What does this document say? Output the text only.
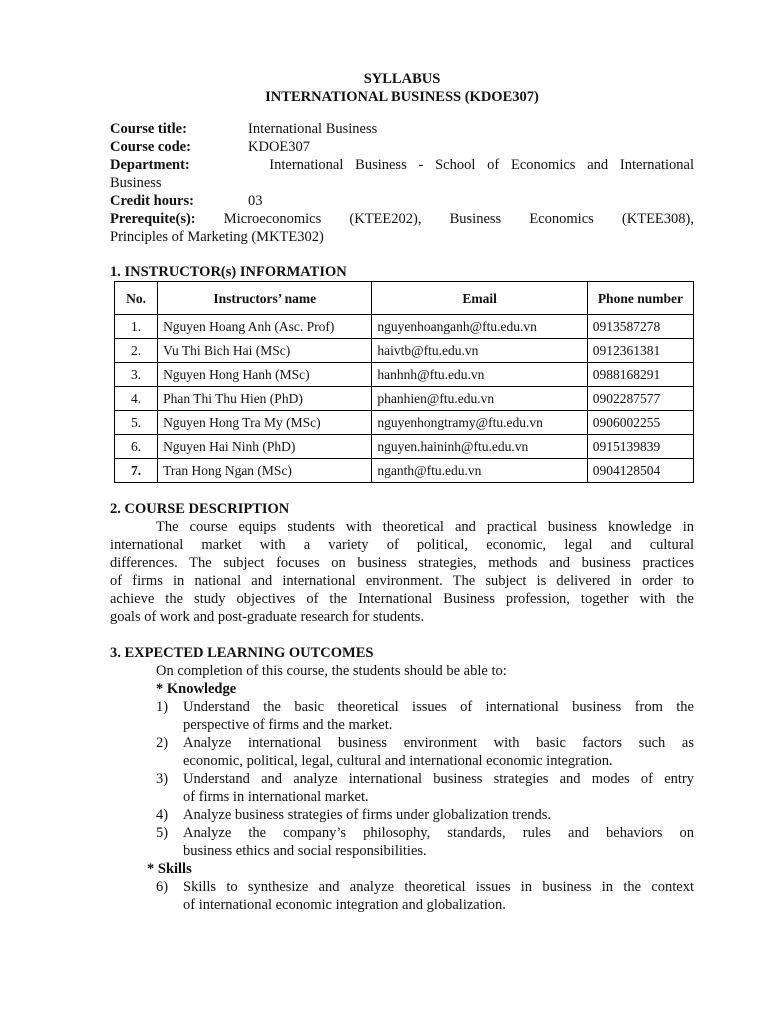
SYLLABUS
INTERNATIONAL BUSINESS (KDOE307)
Course title:	International Business
Course code:	KDOE307
Department:	International Business - School of Economics and International
Business
Credit hours:	03
Prerequite(s): Microeconomics (KTEE202), Business Economics (KTEE308),
Principles of Marketing (MKTE302)
1. INSTRUCTOR(s) INFORMATION
No.	Instructors’ name	Email	Phone number
1.	Nguyen Hoang Anh (Asc. Prof)	nguyenhoanganh@ftu.edu.vn	0913587278
2.	Vu Thi Bich Hai (MSc)	haivtb@ftu.edu.vn	0912361381
3.	Nguyen Hong Hanh (MSc)	hanhnh@ftu.edu.vn	0988168291
4.	Phan Thi Thu Hien (PhD)	phanhien@ftu.edu.vn	0902287577
5.	Nguyen Hong Tra My (MSc)	nguyenhongtramy@ftu.edu.vn	0906002255
6.	Nguyen Hai Ninh (PhD)	nguyen.haininh@ftu.edu.vn	0915139839
7.	Tran Hong Ngan (MSc)	nganth@ftu.edu.vn	0904128504
2. COURSE DESCRIPTION
The course equips students with theoretical and practical business knowledge in
international market with a variety of political, economic, legal and cultural
differences. The subject focuses on business strategies, methods and business practices
of firms in national and international environment. The subject is delivered in order to
achieve the study objectives of the International Business profession, together with the
goals of work and post-graduate research for students.
3. EXPECTED LEARNING OUTCOMES
On completion of this course, the students should be able to:
* Knowledge
1) Understand the basic theoretical issues of international business from the
perspective of firms and the market.
2) Analyze international business environment with basic factors such as
economic, political, legal, cultural and international economic integration.
3) Understand and analyze international business strategies and modes of entry
of firms in international market.
4) Analyze business strategies of firms under globalization trends.
5) Analyze the company’s philosophy, standards, rules and behaviors on
business ethics and social responsibilities.
* Skills
6) Skills to synthesize and analyze theoretical issues in business in the context
of international economic integration and globalization.
